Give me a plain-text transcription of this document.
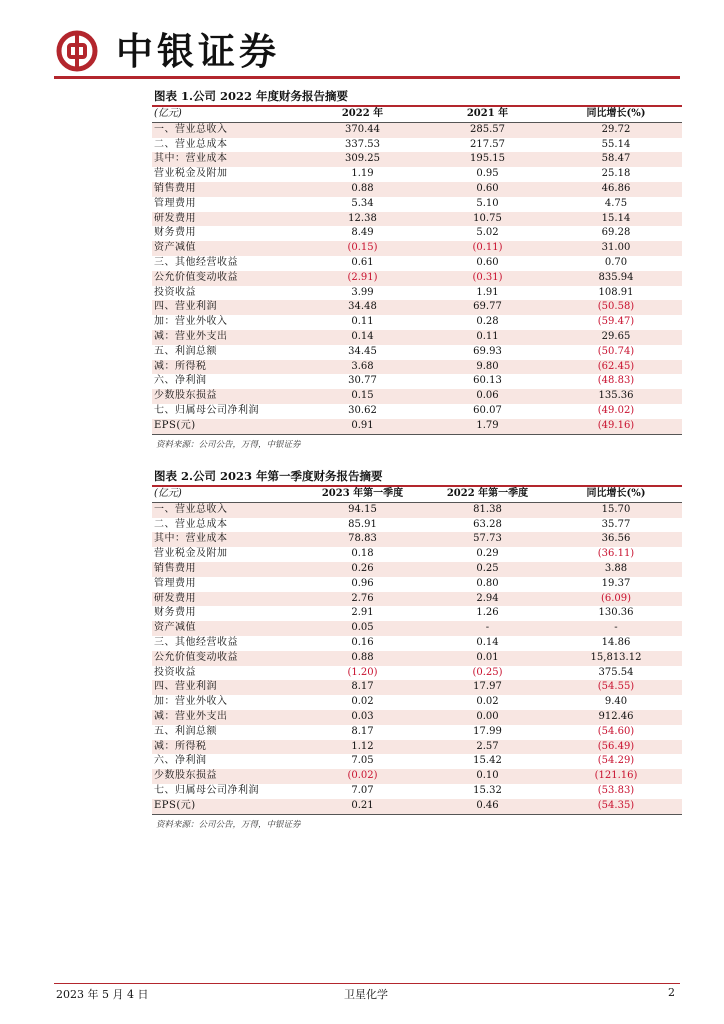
中银证券
图表 1.公司 2022 年度财务报告摘要
(亿元)	2022 年	2021 年	同比增长(%)
一、营业总收入	370.44	285.57	29.72
二、营业总成本	337.53	217.57	55.14
其中：营业成本	309.25	195.15	58.47
营业税金及附加	1.19	0.95	25.18
销售费用	0.88	0.60	46.86
管理费用	5.34	5.10	4.75
研发费用	12.38	10.75	15.14
财务费用	8.49	5.02	69.28
资产减值	(0.15)	(0.11)	31.00
三、其他经营收益	0.61	0.60	0.70
公允价值变动收益	(2.91)	(0.31)	835.94
投资收益	3.99	1.91	108.91
四、营业利润	34.48	69.77	(50.58)
加：营业外收入	0.11	0.28	(59.47)
减：营业外支出	0.14	0.11	29.65
五、利润总额	34.45	69.93	(50.74)
减：所得税	3.68	9.80	(62.45)
六、净利润	30.77	60.13	(48.83)
少数股东损益	0.15	0.06	135.36
七、归属母公司净利润	30.62	60.07	(49.02)
EPS(元)	0.91	1.79	(49.16)
资料来源：公司公告，万得，中银证券
图表 2.公司 2023 年第一季度财务报告摘要
(亿元)	2023 年第一季度	2022 年第一季度	同比增长(%)
一、营业总收入	94.15	81.38	15.70
二、营业总成本	85.91	63.28	35.77
其中：营业成本	78.83	57.73	36.56
营业税金及附加	0.18	0.29	(36.11)
销售费用	0.26	0.25	3.88
管理费用	0.96	0.80	19.37
研发费用	2.76	2.94	(6.09)
财务费用	2.91	1.26	130.36
资产减值	0.05	-	-
三、其他经营收益	0.16	0.14	14.86
公允价值变动收益	0.88	0.01	15,813.12
投资收益	(1.20)	(0.25)	375.54
四、营业利润	8.17	17.97	(54.55)
加：营业外收入	0.02	0.02	9.40
减：营业外支出	0.03	0.00	912.46
五、利润总额	8.17	17.99	(54.60)
减：所得税	1.12	2.57	(56.49)
六、净利润	7.05	15.42	(54.29)
少数股东损益	(0.02)	0.10	(121.16)
七、归属母公司净利润	7.07	15.32	(53.83)
EPS(元)	0.21	0.46	(54.35)
资料来源：公司公告，万得，中银证券
2023 年 5 月 4 日	卫星化学	2
